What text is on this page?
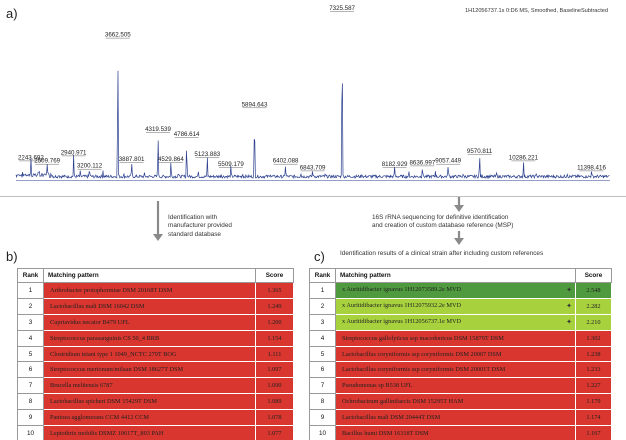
a)	1H12056737.1s 0:D6 MS, Smoothed, BaselineSubtracted
2243.692
2509.769
2940.971
3200.112
3662.505
3887.801
4319.539
4529.864
4786.614
5123.883
5509.179
5894.643
6402.088
6843.709
7325.587
8182.929 8636.997 9057.449
9570.811
10286.221
11398.416
Identification with
manufacturer provided
standard database
16S rRNA sequencing for definitive identification
and creation of custom database reference (MSP)
Identification results of a clinical strain after including custom references
b)
Rank	Matching pattern	Score
1	Arthrobacter protophormiae DSM 20168T DSM	1.365
2	Lactobacillus mali DSM 16042 DSM	1.249
3	Cupriavidus necator B479 UFL	1.200
4	Streptococcus parasanguinis CS 50_4 BRB	1.154
5	Clostridium tetani type 1 1049_NCTC 279T BOG	1.111
6	Streptococcus merionum/milaan DSM 18627T DSM	1.097
7	Brucella melitensis 6787	1.090
8	Lactobacillus spicheri DSM 15429T DSM	1.089
9	Pantoea agglomerans CCM 4412 CCM	1.078
10	Leptothrix mobilis DSMZ 10617T_803 PAH	1.077
c)
Rank	Matching pattern	Score
1	x Auritidibacter ignavus 1H12073589.2e MVD ✦	2.548
2	x Auritidibacter ignavus 1H12075932.2e MVD ✦	2.282
3	x Auritidibacter ignavus 1H12056737.1e MVD ✦	2.210
4	Streptococcus gallolyticus ssp macedonicus DSM 15879T DSM	1.302
5	Lactobacillus coryniformis ssp coryniformis DSM 20007 DSM	1.238
6	Lactobacillus coryniformis ssp coryniformis DSM 20001T DSM	1.233
7	Pseudomonas sp B538 UFL	1.227
8	Ochrobactrum gallinifaecis DSM 15295T HAM	1.179
9	Lactobacillus mali DSM 20444T DSM	1.174
10	Bacillus humi DSM 16318T DSM	1.167
